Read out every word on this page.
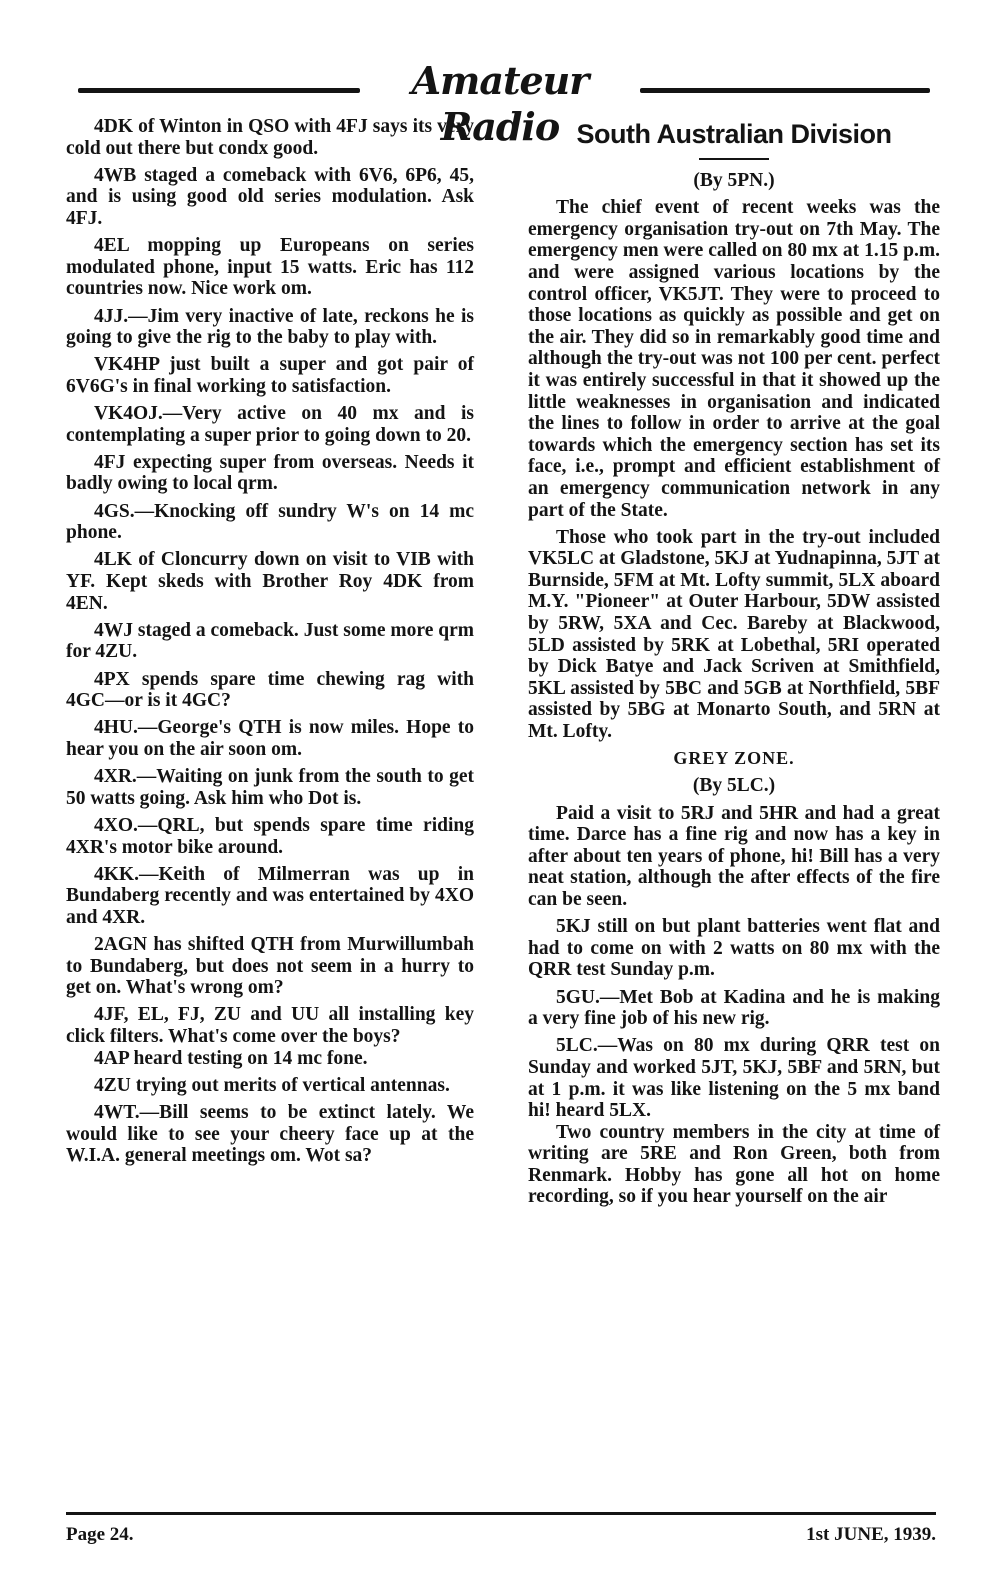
Amateur Radio

4DK of Winton in QSO with 4FJ says its very cold out there but condx good.

4WB staged a comeback with 6V6, 6P6, 45, and is using good old series modulation. Ask 4FJ.

4EL mopping up Europeans on series modulated phone, input 15 watts. Eric has 112 countries now. Nice work om.

4JJ.—Jim very inactive of late, reckons he is going to give the rig to the baby to play with.

VK4HP just built a super and got pair of 6V6G's in final working to satisfaction.

VK4OJ.—Very active on 40 mx and is contemplating a super prior to going down to 20.

4FJ expecting super from overseas. Needs it badly owing to local qrm.

4GS.—Knocking off sundry W's on 14 mc phone.

4LK of Cloncurry down on visit to VIB with YF. Kept skeds with Brother Roy 4DK from 4EN.

4WJ staged a comeback. Just some more qrm for 4ZU.

4PX spends spare time chewing rag with 4GC—or is it 4GC?

4HU.—George's QTH is now miles. Hope to hear you on the air soon om.

4XR.—Waiting on junk from the south to get 50 watts going. Ask him who Dot is.

4XO.—QRL, but spends spare time riding 4XR's motor bike around.

4KK.—Keith of Milmerran was up in Bundaberg recently and was entertained by 4XO and 4XR.

2AGN has shifted QTH from Murwillumbah to Bundaberg, but does not seem in a hurry to get on. What's wrong om?

4JF, EL, FJ, ZU and UU all installing key click filters. What's come over the boys?

4AP heard testing on 14 mc fone.

4ZU trying out merits of vertical antennas.

4WT.—Bill seems to be extinct lately. We would like to see your cheery face up at the W.I.A. general meetings om. Wot sa?

South Australian Division

(By 5PN.)

The chief event of recent weeks was the emergency organisation try-out on 7th May. The emergency men were called on 80 mx at 1.15 p.m. and were assigned various locations by the control officer, VK5JT. They were to proceed to those locations as quickly as possible and get on the air. They did so in remarkably good time and although the try-out was not 100 per cent. perfect it was entirely successful in that it showed up the little weaknesses in organisation and indicated the lines to follow in order to arrive at the goal towards which the emergency section has set its face, i.e., prompt and efficient establishment of an emergency communication network in any part of the State.

Those who took part in the try-out included VK5LC at Gladstone, 5KJ at Yudnapinna, 5JT at Burnside, 5FM at Mt. Lofty summit, 5LX aboard M.Y. "Pioneer" at Outer Harbour, 5DW assisted by 5RW, 5XA and Cec. Bareby at Blackwood, 5LD assisted by 5RK at Lobethal, 5RI operated by Dick Batye and Jack Scriven at Smithfield, 5KL assisted by 5BC and 5GB at Northfield, 5BF assisted by 5BG at Monarto South, and 5RN at Mt. Lofty.

GREY ZONE.

(By 5LC.)

Paid a visit to 5RJ and 5HR and had a great time. Darce has a fine rig and now has a key in after about ten years of phone, hi! Bill has a very neat station, although the after effects of the fire can be seen.

5KJ still on but plant batteries went flat and had to come on with 2 watts on 80 mx with the QRR test Sunday p.m.

5GU.—Met Bob at Kadina and he is making a very fine job of his new rig.

5LC.—Was on 80 mx during QRR test on Sunday and worked 5JT, 5KJ, 5BF and 5RN, but at 1 p.m. it was like listening on the 5 mx band hi! heard 5LX.

Two country members in the city at time of writing are 5RE and Ron Green, both from Renmark. Hobby has gone all hot on home recording, so if you hear yourself on the air

Page 24.	1st JUNE, 1939.
